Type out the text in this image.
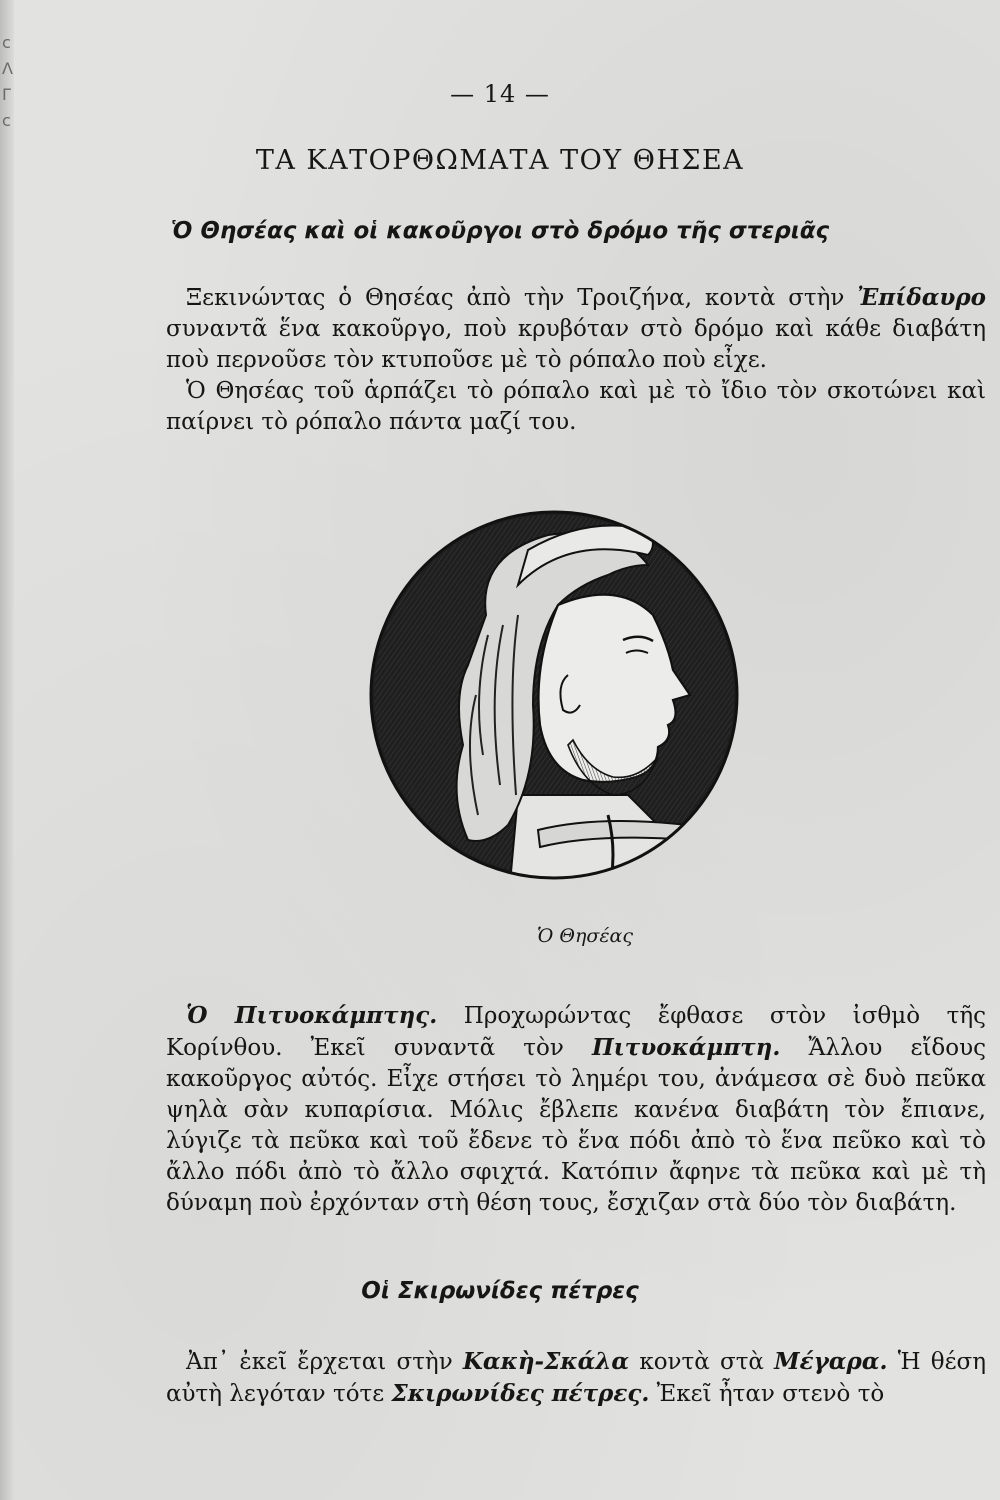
c
Λ
Γ
c
— 14 —
ΤΑ ΚΑΤΟΡΘΩΜΑΤΑ ΤΟΥ ΘΗΣΕΑ
Ὁ Θησέας καὶ οἱ κακοῦργοι στὸ δρόμο τῆς στεριᾶς

Ξεκινώντας ὁ Θησέας ἀπὸ τὴν Τροιζήνα, κοντὰ στὴν Ἐπίδαυρο συναντᾶ ἕνα κακοῦργο, ποὺ κρυβόταν στὸ δρόμο καὶ κάθε διαβάτη ποὺ περνοῦσε τὸν κτυποῦσε μὲ τὸ ρόπαλο ποὺ εἶχε.

Ὁ Θησέας τοῦ ἁρπάζει τὸ ρόπαλο καὶ μὲ τὸ ἴδιο τὸν σκοτώνει καὶ παίρνει τὸ ρόπαλο πάντα μαζί του.

Ὁ Θησέας

Ὁ Πιτυοκάμπτης. Προχωρώντας ἔφθασε στὸν ἰσθμὸ τῆς Κορίνθου. Ἐκεῖ συναντᾶ τὸν Πιτυοκάμπτη. Ἄλλου εἴδους κακοῦργος αὐτός. Εἶχε στήσει τὸ λημέρι του, ἀνάμεσα σὲ δυὸ πεῦκα ψηλὰ σὰν κυπαρίσια. Μόλις ἔβλεπε κανένα διαβάτη τὸν ἔπιανε, λύγιζε τὰ πεῦκα καὶ τοῦ ἔδενε τὸ ἕνα πόδι ἀπὸ τὸ ἕνα πεῦκο καὶ τὸ ἄλλο πόδι ἀπὸ τὸ ἄλλο σφιχτά. Κατόπιν ἄφηνε τὰ πεῦκα καὶ μὲ τὴ δύναμη ποὺ ἐρχόνταν στὴ θέση τους, ἔσχιζαν στὰ δύο τὸν διαβάτη.

Οἱ Σκιρωνίδες πέτρες

Ἀπ᾿ ἐκεῖ ἔρχεται στὴν Κακὴ-Σκάλα κοντὰ στὰ Μέγαρα. Ἡ θέση αὐτὴ λεγόταν τότε Σκιρωνίδες πέτρες. Ἐκεῖ ἦταν στενὸ τὸ
